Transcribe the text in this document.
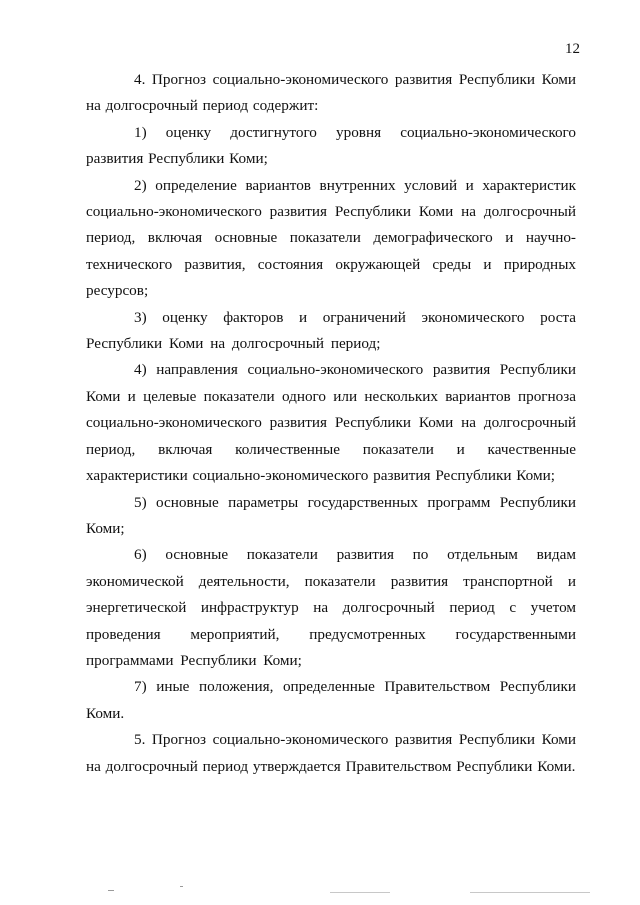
12

4. Прогноз социально-экономического развития Республики Коми на долгосрочный период содержит:

1) оценку достигнутого уровня социально-экономического развития Республики Коми;

2) определение вариантов внутренних условий и характеристик социально-экономического развития Республики Коми на долгосрочный период, включая основные показатели демографического и научно-технического развития, состояния окружающей среды и природных ресурсов;

3) оценку факторов и ограничений экономического роста Республики Коми на долгосрочный период;

4) направления социально-экономического развития Республики Коми и целевые показатели одного или нескольких вариантов прогноза социально-экономического развития Республики Коми на долгосрочный период, включая количественные показатели и качественные характеристики социально-экономического развития Республики Коми;

5) основные параметры государственных программ Республики Коми;

6) основные показатели развития по отдельным видам экономической деятельности, показатели развития транспортной и энергетической инфраструктур на долгосрочный период с учетом проведения мероприятий, предусмотренных государственными программами Республики Коми;

7) иные положения, определенные Правительством Республики Коми.

5. Прогноз социально-экономического развития Республики Коми на долгосрочный период утверждается Правительством Республики Коми.
